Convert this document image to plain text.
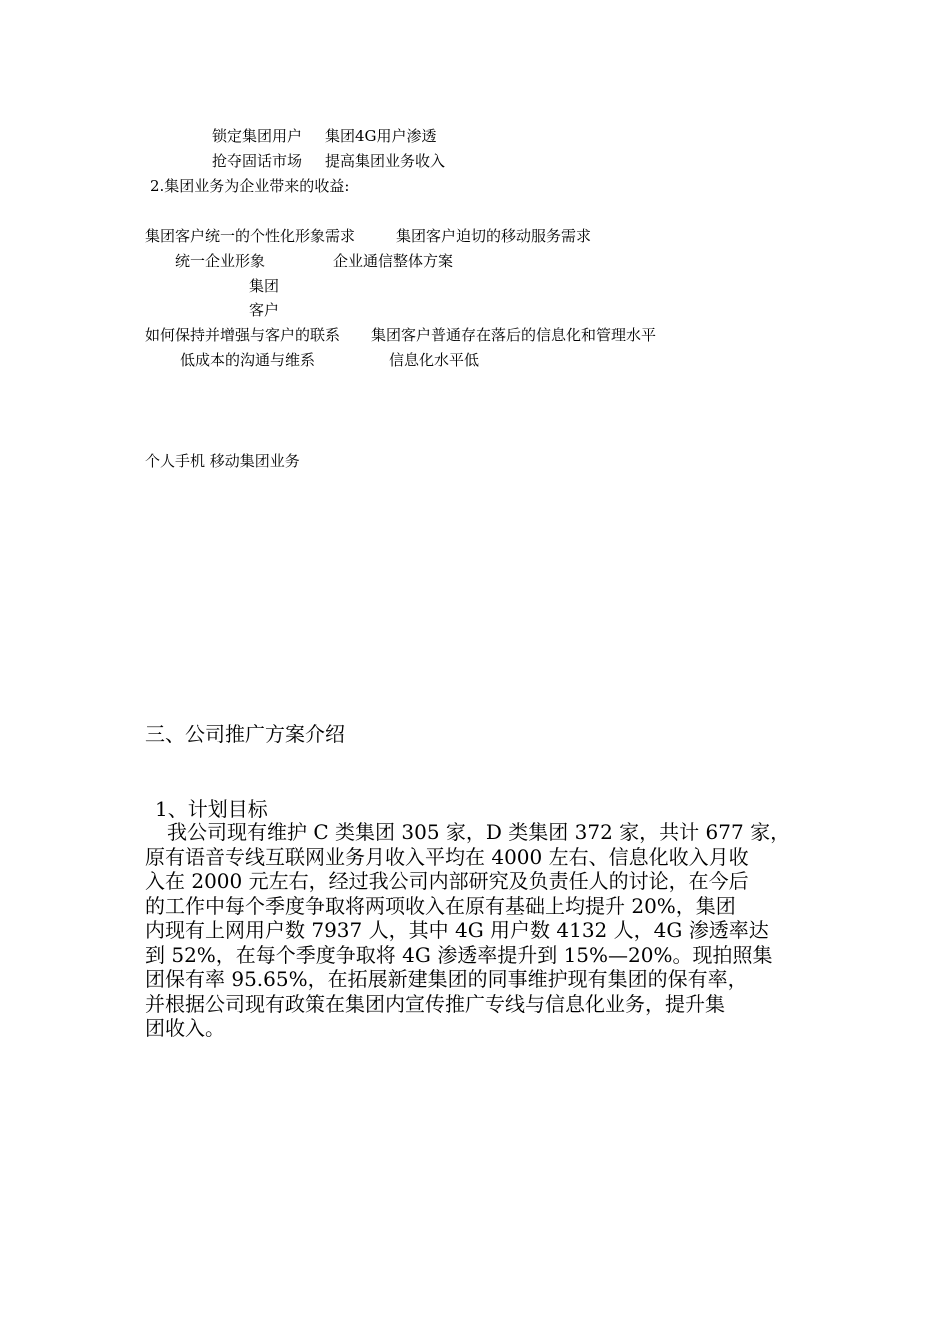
锁定集团用户 集团4G用户渗透
抢夺固话市场 提高集团业务收入
2.集团业务为企业带来的收益:
集团客户统一的个性化形象需求	集团客户迫切的移动服务需求
统一企业形象	企业通信整体方案
集团
客户
如何保持并增强与客户的联系 集团客户普通存在落后的信息化和管理水平
低成本的沟通与维系	信息化水平低
个人手机 移动集团业务
三、公司推广方案介绍
1、计划目标
我公司现有维护 C 类集团 305 家，D 类集团 372 家，共计 677 家，
原有语音专线互联网业务月收入平均在 4000 左右、信息化收入月收
入在 2000 元左右，经过我公司内部研究及负责任人的讨论，在今后
的工作中每个季度争取将两项收入在原有基础上均提升 20%，集团
内现有上网用户数 7937 人，其中 4G 用户数 4132 人，4G 渗透率达
到 52%，在每个季度争取将 4G 渗透率提升到 15%—20%。现拍照集
团保有率 95.65%，在拓展新建集团的同事维护现有集团的保有率，
并根据公司现有政策在集团内宣传推广专线与信息化业务，提升集
团收入。
